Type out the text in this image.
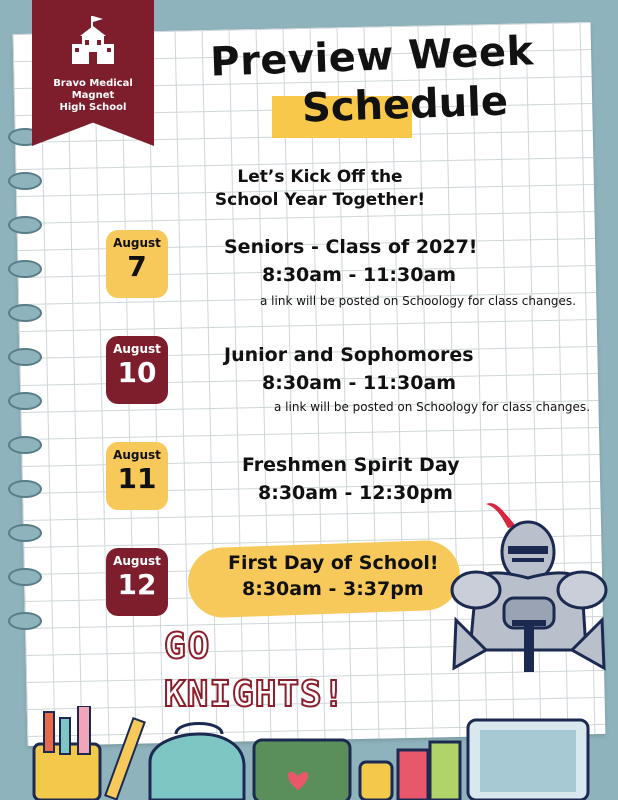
Bravo Medical Magnet
High School
Preview Week
Schedule
Let’s Kick Off the
School Year Together!
August
7
Seniors - Class of 2027!
8:30am - 11:30am
a link will be posted on Schoology for class changes.
August
10
Junior and Sophomores
8:30am - 11:30am
a link will be posted on Schoology for class changes.
August
11	Freshmen Spirit Day
8:30am - 12:30pm
August
12
First Day of School!
8:30am - 3:37pm
GO
KNIGHTS!
